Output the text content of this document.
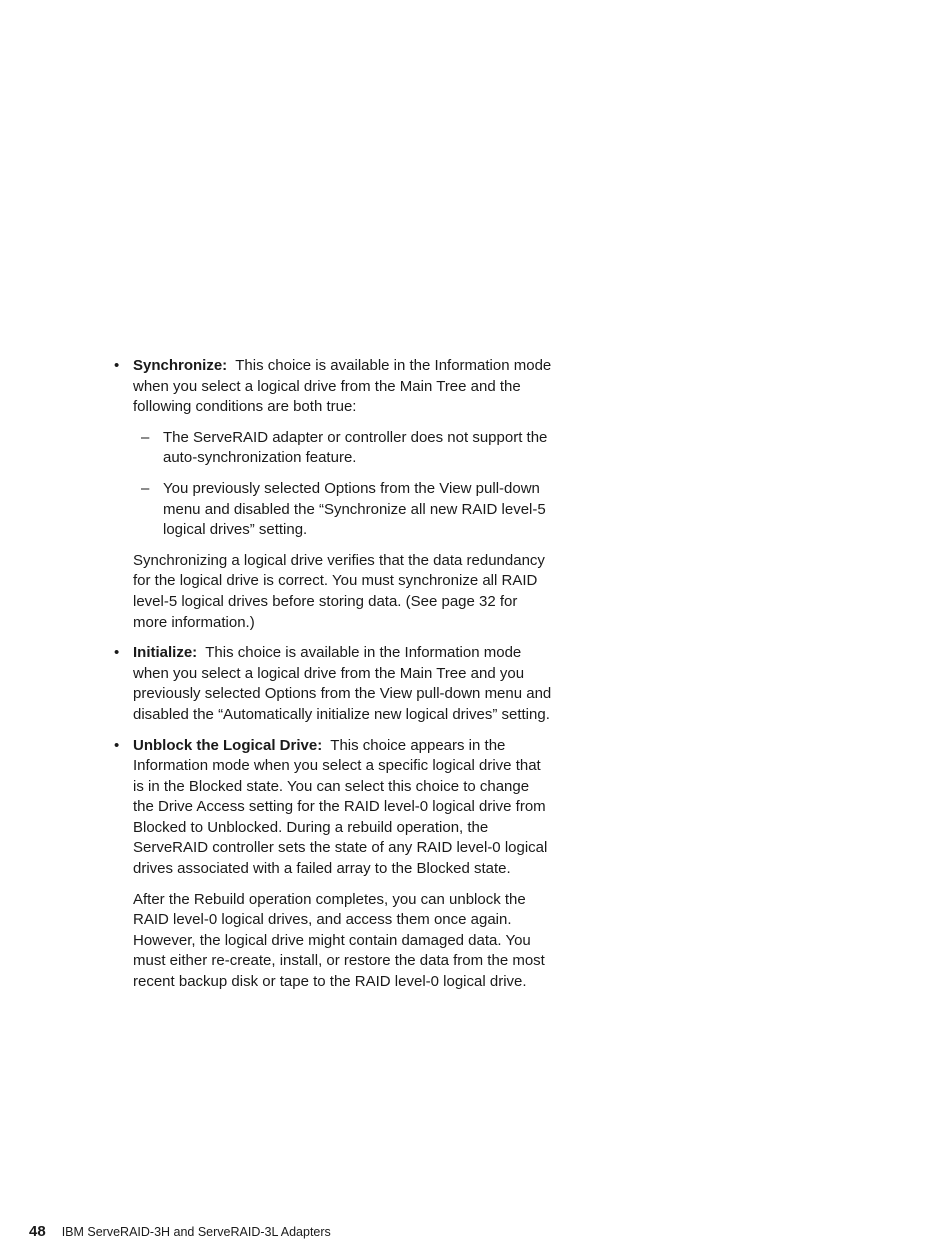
• Synchronize: This choice is available in the Information mode when you select a logical drive from the Main Tree and the following conditions are both true:

– The ServeRAID adapter or controller does not support the auto-synchronization feature.
– You previously selected Options from the View pull-down menu and disabled the “Synchronize all new RAID level-5 logical drives” setting.

Synchronizing a logical drive verifies that the data redundancy for the logical drive is correct. You must synchronize all RAID level-5 logical drives before storing data. (See page 32 for more information.)

• Initialize: This choice is available in the Information mode when you select a logical drive from the Main Tree and you previously selected Options from the View pull-down menu and disabled the “Automatically initialize new logical drives” setting.

• Unblock the Logical Drive: This choice appears in the Information mode when you select a specific logical drive that is in the Blocked state. You can select this choice to change the Drive Access setting for the RAID level-0 logical drive from Blocked to Unblocked. During a rebuild operation, the ServeRAID controller sets the state of any RAID level-0 logical drives associated with a failed array to the Blocked state.

After the Rebuild operation completes, you can unblock the RAID level-0 logical drives, and access them once again. However, the logical drive might contain damaged data. You must either re-create, install, or restore the data from the most recent backup disk or tape to the RAID level-0 logical drive.

48 IBM ServeRAID-3H and ServeRAID-3L Adapters
